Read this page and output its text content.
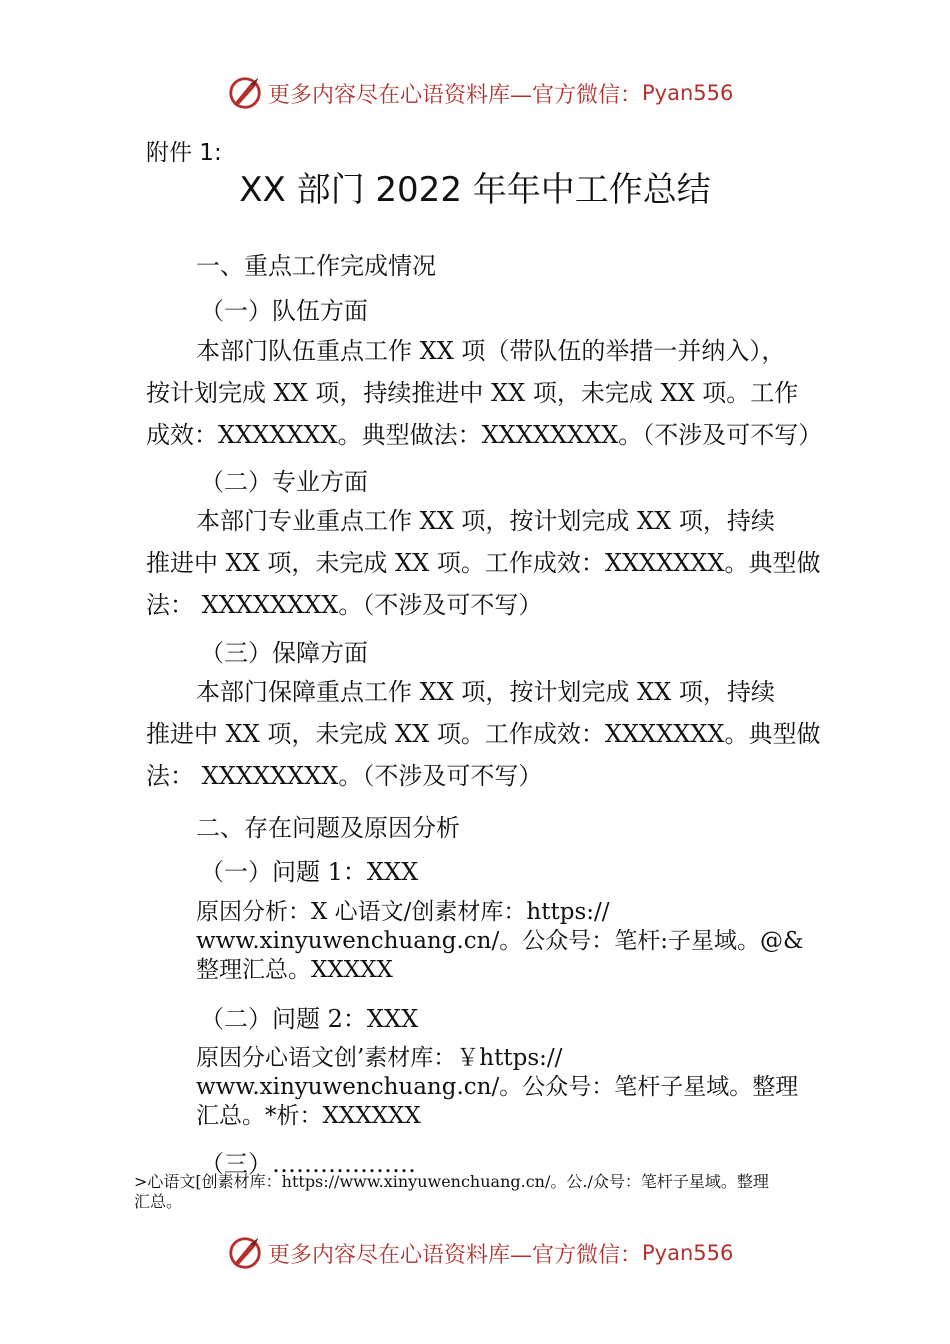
更多内容尽在心语资料库—官方微信： Pyan556
附件 1:
XX 部门 2022 年年中工作总结
一、重点工作完成情况
（一）队伍方面
本部门队伍重点工作 XX 项（带队伍的举措一并纳入），
按计划完成 XX 项，持续推进中 XX 项，未完成 XX 项。工作
成效：XXXXXXX。典型做法：XXXXXXXX。（不涉及可不写）
（二）专业方面
本部门专业重点工作 XX 项，按计划完成 XX 项，持续
推进中 XX 项，未完成 XX 项。工作成效：XXXXXXX。典型做
法： XXXXXXXX。（不涉及可不写）
（三）保障方面
本部门保障重点工作 XX 项，按计划完成 XX 项，持续
推进中 XX 项，未完成 XX 项。工作成效：XXXXXXX。典型做
法： XXXXXXXX。（不涉及可不写）
二、存在问题及原因分析
（一）问题 1：XXX
原因分析：X 心语文/创素材库：https://
www.xinyuwenchuang.cn/。公众号：笔杆:子星域。@&
整理汇总。XXXXX
（二）问题 2：XXX
原因分心语文创’素材库：￥https://
www.xinyuwenchuang.cn/。公众号：笔杆子星域。整理
汇总。*析：XXXXXX
（三）………………
>心语文[创素材库：https://www.xinyuwenchuang.cn/。公./众号：笔杆子星域。整理
汇总。
更多内容尽在心语资料库—官方微信： Pyan556
